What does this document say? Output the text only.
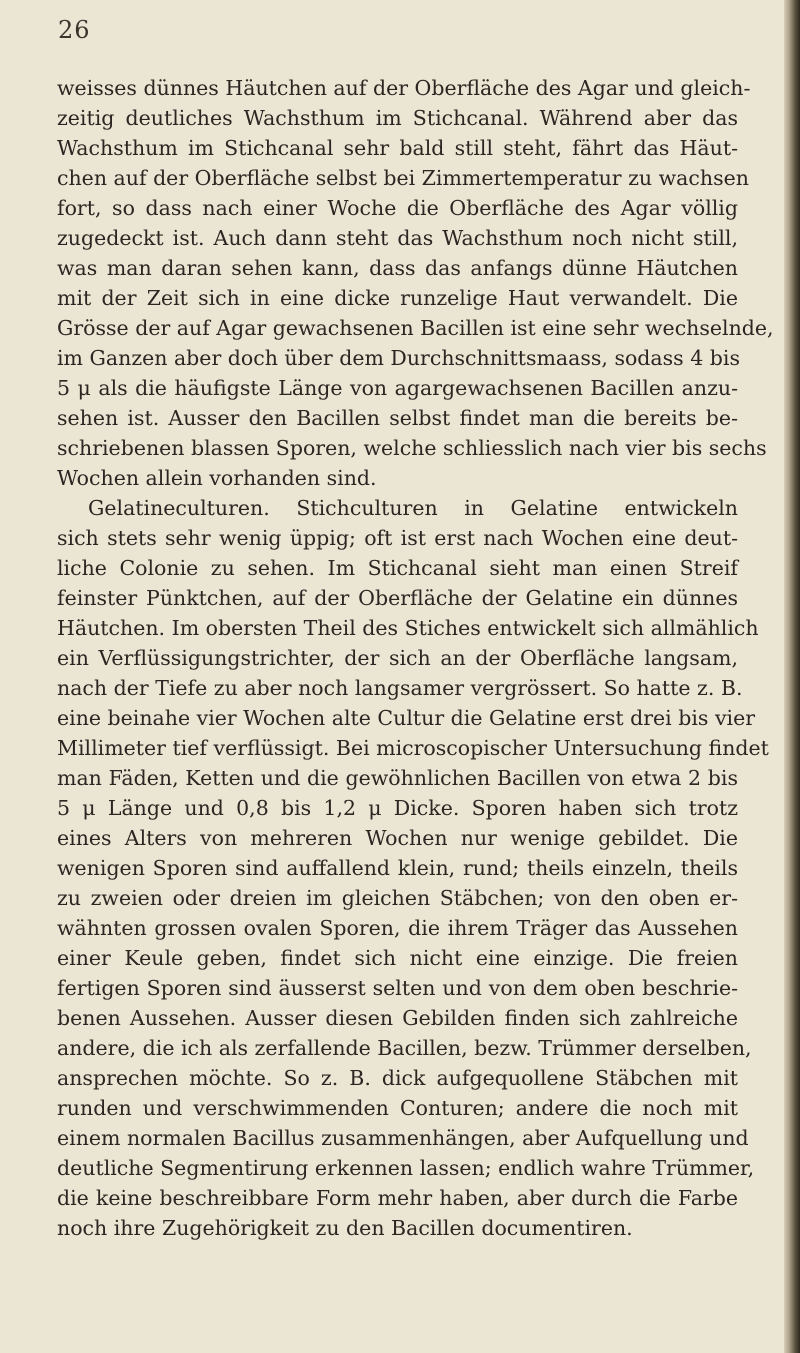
26
weisses dünnes Häutchen auf der Oberfläche des Agar und gleich-
zeitig deutliches Wachsthum im Stichcanal. Während aber das
Wachsthum im Stichcanal sehr bald still steht, fährt das Häut-
chen auf der Oberfläche selbst bei Zimmertemperatur zu wachsen
fort, so dass nach einer Woche die Oberfläche des Agar völlig
zugedeckt ist. Auch dann steht das Wachsthum noch nicht still,
was man daran sehen kann, dass das anfangs dünne Häutchen
mit der Zeit sich in eine dicke runzelige Haut verwandelt. Die
Grösse der auf Agar gewachsenen Bacillen ist eine sehr wechselnde,
im Ganzen aber doch über dem Durchschnittsmaass, sodass 4 bis
5 μ als die häufigste Länge von agargewachsenen Bacillen anzu-
sehen ist. Ausser den Bacillen selbst findet man die bereits be-
schriebenen blassen Sporen, welche schliesslich nach vier bis sechs
Wochen allein vorhanden sind.
Gelatineculturen. Stichculturen in Gelatine entwickeln
sich stets sehr wenig üppig; oft ist erst nach Wochen eine deut-
liche Colonie zu sehen. Im Stichcanal sieht man einen Streif
feinster Pünktchen, auf der Oberfläche der Gelatine ein dünnes
Häutchen. Im obersten Theil des Stiches entwickelt sich allmählich
ein Verflüssigungstrichter, der sich an der Oberfläche langsam,
nach der Tiefe zu aber noch langsamer vergrössert. So hatte z. B.
eine beinahe vier Wochen alte Cultur die Gelatine erst drei bis vier
Millimeter tief verflüssigt. Bei microscopischer Untersuchung findet
man Fäden, Ketten und die gewöhnlichen Bacillen von etwa 2 bis
5 μ Länge und 0,8 bis 1,2 μ Dicke. Sporen haben sich trotz
eines Alters von mehreren Wochen nur wenige gebildet. Die
wenigen Sporen sind auffallend klein, rund; theils einzeln, theils
zu zweien oder dreien im gleichen Stäbchen; von den oben er-
wähnten grossen ovalen Sporen, die ihrem Träger das Aussehen
einer Keule geben, findet sich nicht eine einzige. Die freien
fertigen Sporen sind äusserst selten und von dem oben beschrie-
benen Aussehen. Ausser diesen Gebilden finden sich zahlreiche
andere, die ich als zerfallende Bacillen, bezw. Trümmer derselben,
ansprechen möchte. So z. B. dick aufgequollene Stäbchen mit
runden und verschwimmenden Conturen; andere die noch mit
einem normalen Bacillus zusammenhängen, aber Aufquellung und
deutliche Segmentirung erkennen lassen; endlich wahre Trümmer,
die keine beschreibbare Form mehr haben, aber durch die Farbe
noch ihre Zugehörigkeit zu den Bacillen documentiren.
